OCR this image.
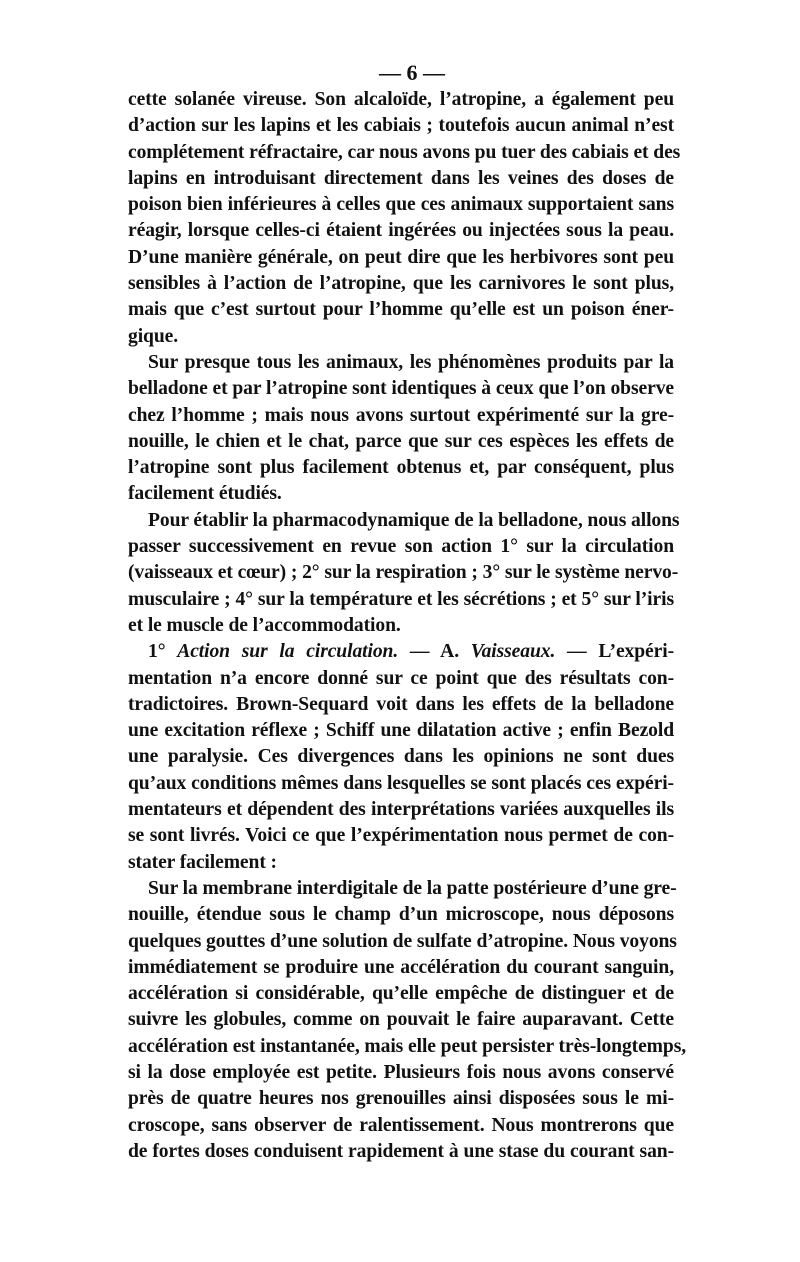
— 6 —
cette solanée vireuse. Son alcaloïde, l’atropine, a également peu
d’action sur les lapins et les cabiais ; toutefois aucun animal n’est
complétement réfractaire, car nous avons pu tuer des cabiais et des
lapins en introduisant directement dans les veines des doses de
poison bien inférieures à celles que ces animaux supportaient sans
réagir, lorsque celles-ci étaient ingérées ou injectées sous la peau.
D’une manière générale, on peut dire que les herbivores sont peu
sensibles à l’action de l’atropine, que les carnivores le sont plus,
mais que c’est surtout pour l’homme qu’elle est un poison éner-
gique.
Sur presque tous les animaux, les phénomènes produits par la
belladone et par l’atropine sont identiques à ceux que l’on observe
chez l’homme ; mais nous avons surtout expérimenté sur la gre-
nouille, le chien et le chat, parce que sur ces espèces les effets de
l’atropine sont plus facilement obtenus et, par conséquent, plus
facilement étudiés.
Pour établir la pharmacodynamique de la belladone, nous allons
passer successivement en revue son action 1° sur la circulation
(vaisseaux et cœur) ; 2° sur la respiration ; 3° sur le système nervo-
musculaire ; 4° sur la température et les sécrétions ; et 5° sur l’iris
et le muscle de l’accommodation.
1° Action sur la circulation. — A. Vaisseaux. — L’expéri-
mentation n’a encore donné sur ce point que des résultats con-
tradictoires. Brown-Sequard voit dans les effets de la belladone
une excitation réflexe ; Schiff une dilatation active ; enfin Bezold
une paralysie. Ces divergences dans les opinions ne sont dues
qu’aux conditions mêmes dans lesquelles se sont placés ces expéri-
mentateurs et dépendent des interprétations variées auxquelles ils
se sont livrés. Voici ce que l’expérimentation nous permet de con-
stater facilement :
Sur la membrane interdigitale de la patte postérieure d’une gre-
nouille, étendue sous le champ d’un microscope, nous déposons
quelques gouttes d’une solution de sulfate d’atropine. Nous voyons
immédiatement se produire une accélération du courant sanguin,
accélération si considérable, qu’elle empêche de distinguer et de
suivre les globules, comme on pouvait le faire auparavant. Cette
accélération est instantanée, mais elle peut persister très-longtemps,
si la dose employée est petite. Plusieurs fois nous avons conservé
près de quatre heures nos grenouilles ainsi disposées sous le mi-
croscope, sans observer de ralentissement. Nous montrerons que
de fortes doses conduisent rapidement à une stase du courant san-
